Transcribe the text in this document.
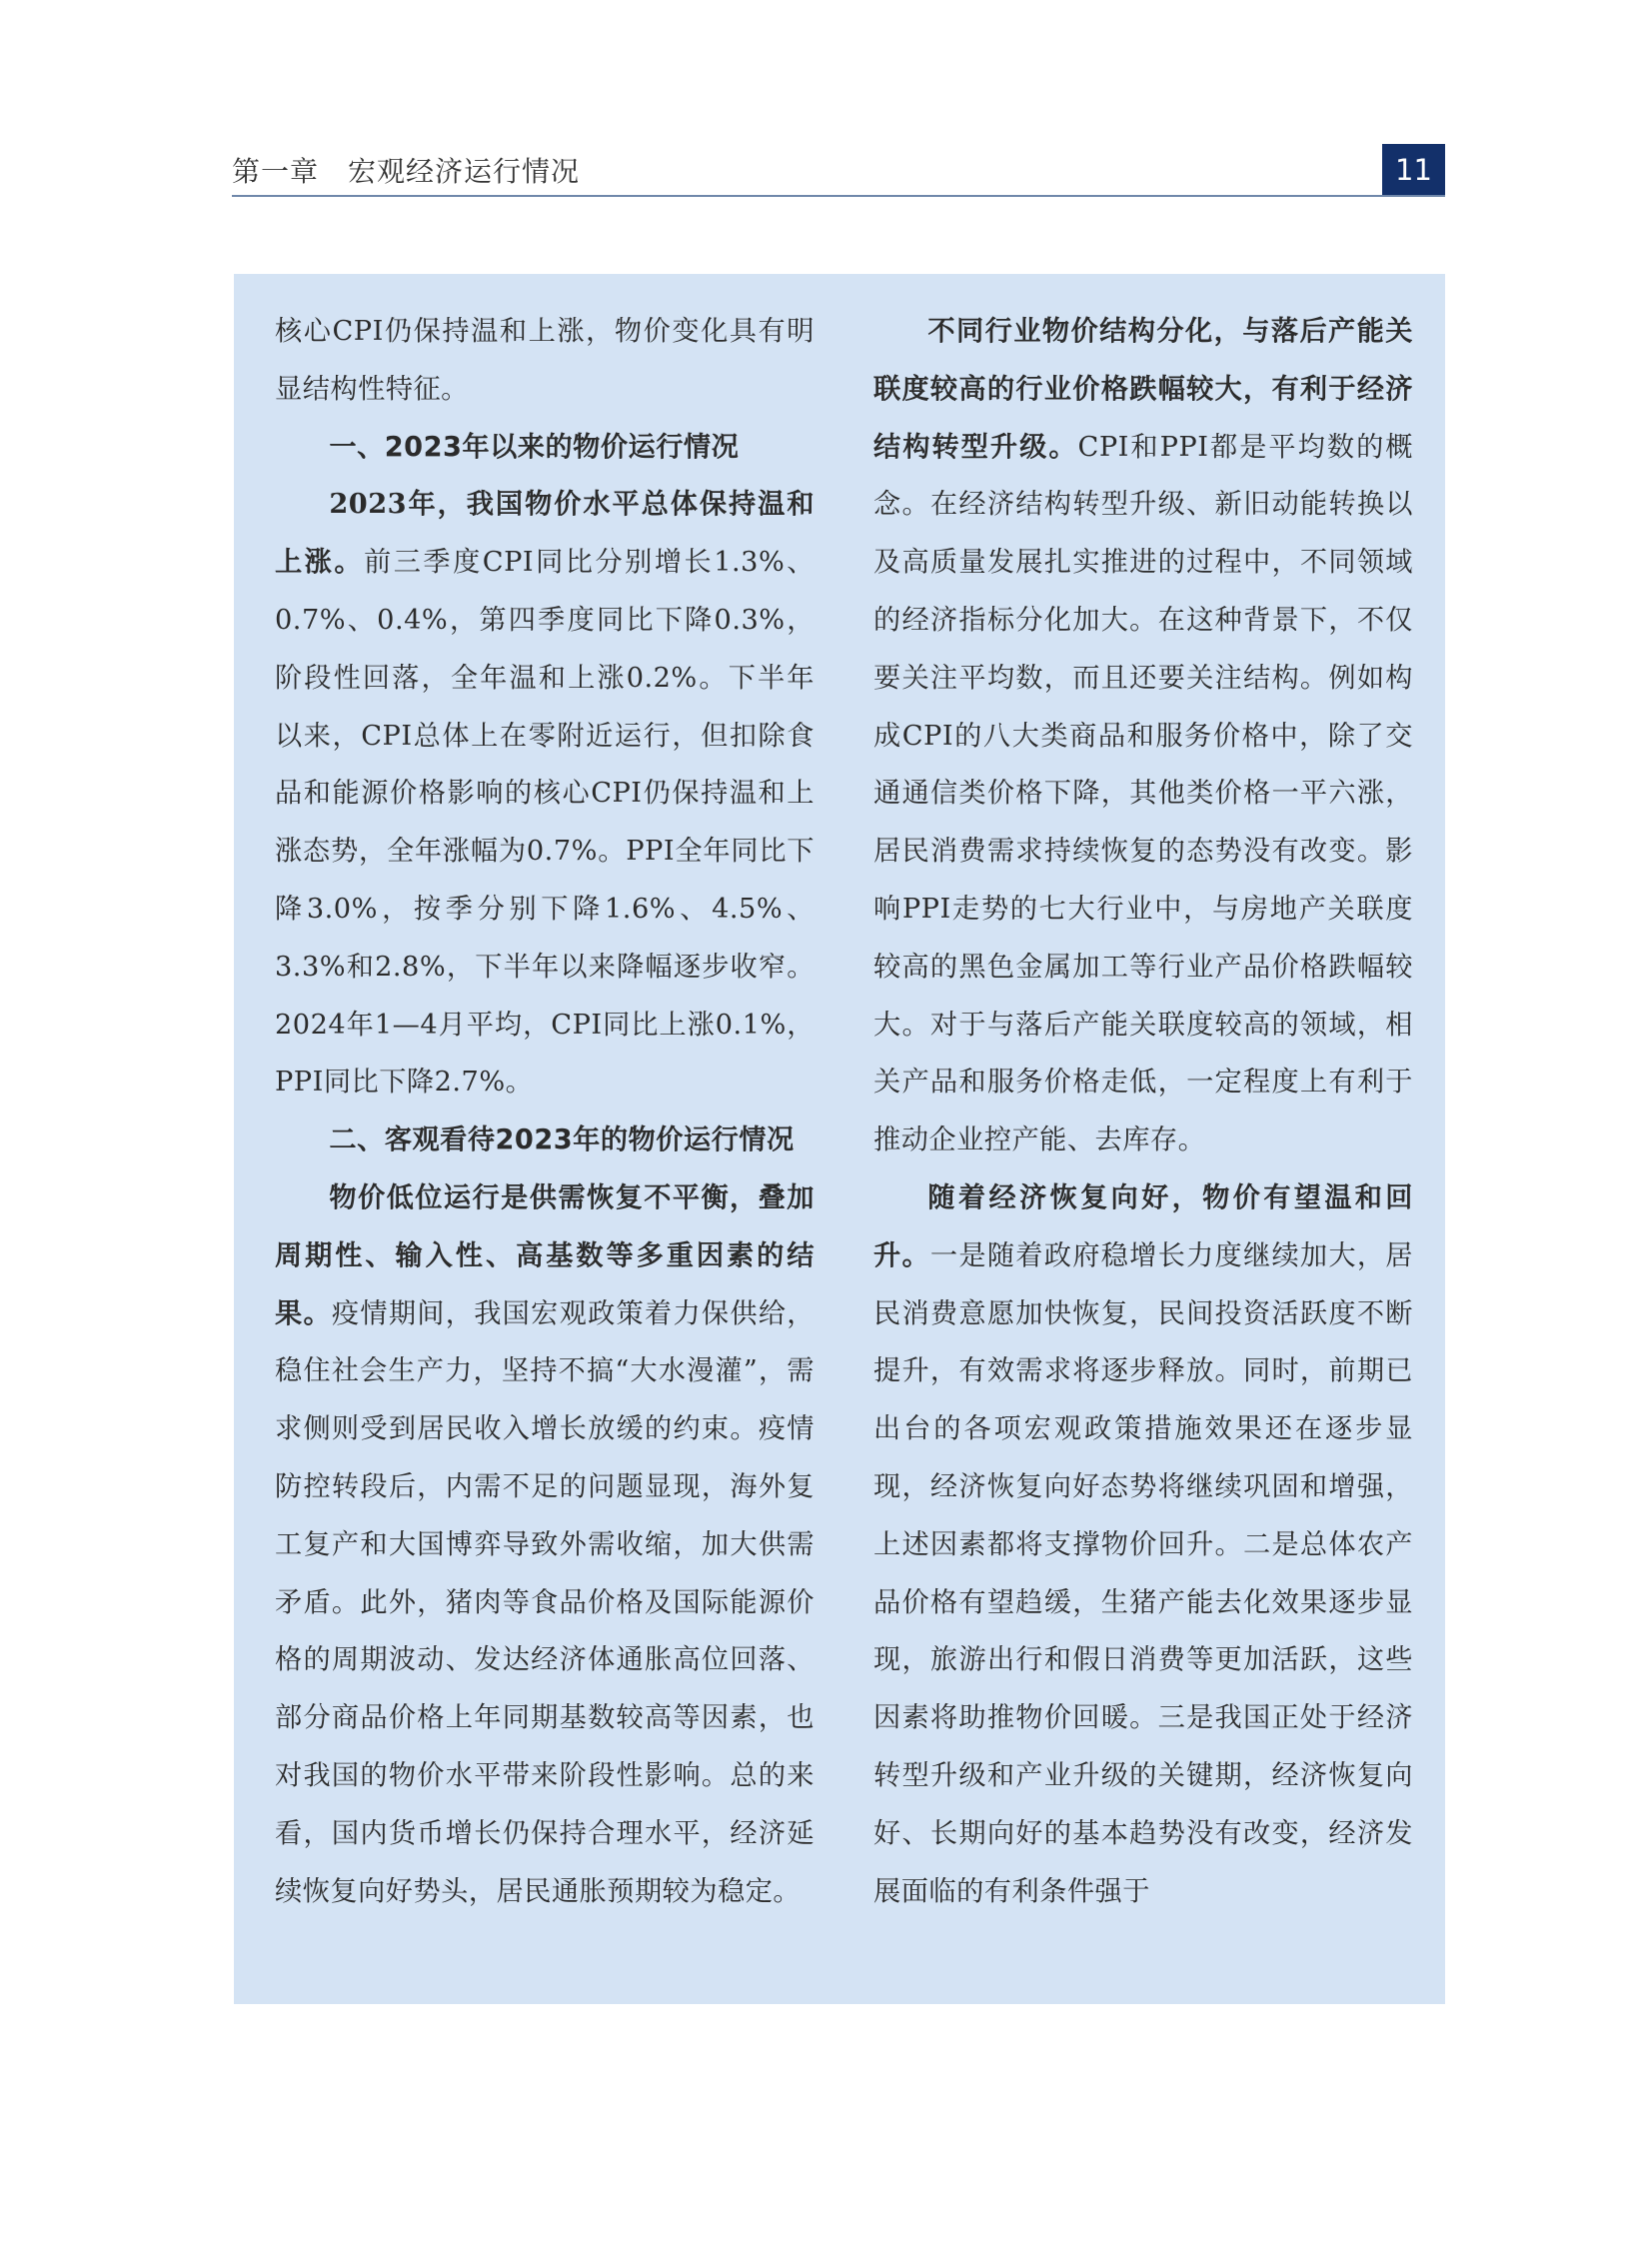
第一章　宏观经济运行情况	11

核心CPI仍保持温和上涨，物价变化具有明显结构性特征。

一、2023年以来的物价运行情况

2023年，我国物价水平总体保持温和上涨。前三季度CPI同比分别增长1.3%、0.7%、0.4%，第四季度同比下降0.3%，阶段性回落，全年温和上涨0.2%。下半年以来，CPI总体上在零附近运行，但扣除食品和能源价格影响的核心CPI仍保持温和上涨态势，全年涨幅为0.7%。PPI全年同比下降3.0%，按季分别下降1.6%、4.5%、3.3%和2.8%，下半年以来降幅逐步收窄。2024年1—4月平均，CPI同比上涨0.1%，PPI同比下降2.7%。

二、客观看待2023年的物价运行情况

物价低位运行是供需恢复不平衡，叠加周期性、输入性、高基数等多重因素的结果。疫情期间，我国宏观政策着力保供给，稳住社会生产力，坚持不搞“大水漫灌”，需求侧则受到居民收入增长放缓的约束。疫情防控转段后，内需不足的问题显现，海外复工复产和大国博弈导致外需收缩，加大供需矛盾。此外，猪肉等食品价格及国际能源价格的周期波动、发达经济体通胀高位回落、部分商品价格上年同期基数较高等因素，也对我国的物价水平带来阶段性影响。总的来看，国内货币增长仍保持合理水平，经济延续恢复向好势头，居民通胀预期较为稳定。

不同行业物价结构分化，与落后产能关联度较高的行业价格跌幅较大，有利于经济结构转型升级。CPI和PPI都是平均数的概念。在经济结构转型升级、新旧动能转换以及高质量发展扎实推进的过程中，不同领域的经济指标分化加大。在这种背景下，不仅要关注平均数，而且还要关注结构。例如构成CPI的八大类商品和服务价格中，除了交通通信类价格下降，其他类价格一平六涨，居民消费需求持续恢复的态势没有改变。影响PPI走势的七大行业中，与房地产关联度较高的黑色金属加工等行业产品价格跌幅较大。对于与落后产能关联度较高的领域，相关产品和服务价格走低，一定程度上有利于推动企业控产能、去库存。

随着经济恢复向好，物价有望温和回升。一是随着政府稳增长力度继续加大，居民消费意愿加快恢复，民间投资活跃度不断提升，有效需求将逐步释放。同时，前期已出台的各项宏观政策措施效果还在逐步显现，经济恢复向好态势将继续巩固和增强，上述因素都将支撑物价回升。二是总体农产品价格有望趋缓，生猪产能去化效果逐步显现，旅游出行和假日消费等更加活跃，这些因素将助推物价回暖。三是我国正处于经济转型升级和产业升级的关键期，经济恢复向好、长期向好的基本趋势没有改变，经济发展面临的有利条件强于
